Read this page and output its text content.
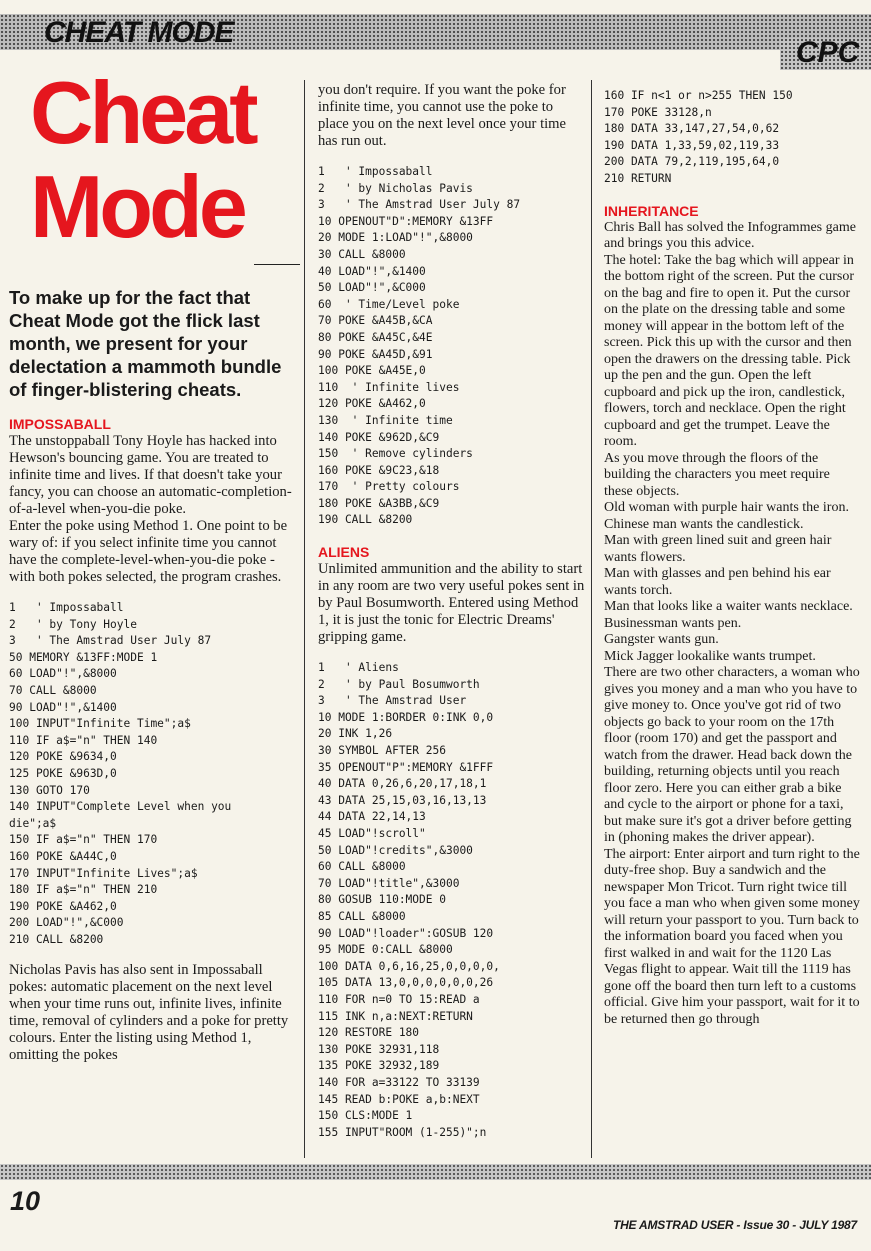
CHEAT MODE
CPC
Cheat Mode

To make up for the fact that Cheat Mode got the flick last month, we present for your delectation a mammoth bundle of finger-blistering cheats.

IMPOSSABALL

The unstoppaball Tony Hoyle has hacked into Hewson's bouncing game. You are treated to infinite time and lives. If that doesn't take your fancy, you can choose an automatic-completion-of-a-level when-you-die poke.

Enter the poke using Method 1. One point to be wary of: if you select infinite time you cannot have the complete-level-when-you-die poke - with both pokes selected, the program crashes.

1   ' Impossaball
2   ' by Tony Hoyle
3   ' The Amstrad User July 87
50 MEMORY &13FF:MODE 1
60 LOAD"!",&8000
70 CALL &8000
90 LOAD"!",&1400
100 INPUT"Infinite Time";a$
110 IF a$="n" THEN 140
120 POKE &9634,0
125 POKE &963D,0
130 GOTO 170
140 INPUT"Complete Level when you
die";a$
150 IF a$="n" THEN 170
160 POKE &A44C,0
170 INPUT"Infinite Lives";a$
180 IF a$="n" THEN 210
190 POKE &A462,0
200 LOAD"!",&C000
210 CALL &8200

Nicholas Pavis has also sent in Impossaball pokes: automatic placement on the next level when your time runs out, infinite lives, infinite time, removal of cylinders and a poke for pretty colours. Enter the listing using Method 1, omitting the pokes

you don't require. If you want the poke for infinite time, you cannot use the poke to place you on the next level once your time has run out.

1   ' Impossaball
2   ' by Nicholas Pavis
3   ' The Amstrad User July 87
10 OPENOUT"D":MEMORY &13FF
20 MODE 1:LOAD"!",&8000
30 CALL &8000
40 LOAD"!",&1400
50 LOAD"!",&C000
60  ' Time/Level poke
70 POKE &A45B,&CA
80 POKE &A45C,&4E
90 POKE &A45D,&91
100 POKE &A45E,0
110  ' Infinite lives
120 POKE &A462,0
130  ' Infinite time
140 POKE &962D,&C9
150  ' Remove cylinders
160 POKE &9C23,&18
170  ' Pretty colours
180 POKE &A3BB,&C9
190 CALL &8200

ALIENS

Unlimited ammunition and the ability to start in any room are two very useful pokes sent in by Paul Bosumworth. Entered using Method 1, it is just the tonic for Electric Dreams' gripping game.

1   ' Aliens
2   ' by Paul Bosumworth
3   ' The Amstrad User
10 MODE 1:BORDER 0:INK 0,0
20 INK 1,26
30 SYMBOL AFTER 256
35 OPENOUT"P":MEMORY &1FFF
40 DATA 0,26,6,20,17,18,1
43 DATA 25,15,03,16,13,13
44 DATA 22,14,13
45 LOAD"!scroll"
50 LOAD"!credits",&3000
60 CALL &8000
70 LOAD"!title",&3000
80 GOSUB 110:MODE 0
85 CALL &8000
90 LOAD"!loader":GOSUB 120
95 MODE 0:CALL &8000
100 DATA 0,6,16,25,0,0,0,0,
105 DATA 13,0,0,0,0,0,0,26
110 FOR n=0 TO 15:READ a
115 INK n,a:NEXT:RETURN
120 RESTORE 180
130 POKE 32931,118
135 POKE 32932,189
140 FOR a=33122 TO 33139
145 READ b:POKE a,b:NEXT
150 CLS:MODE 1
155 INPUT"ROOM (1-255)";n
160 IF n<1 or n>255 THEN 150
170 POKE 33128,n
180 DATA 33,147,27,54,0,62
190 DATA 1,33,59,02,119,33
200 DATA 79,2,119,195,64,0
210 RETURN

INHERITANCE

Chris Ball has solved the Infogrammes game and brings you this advice.

The hotel: Take the bag which will appear in the bottom right of the screen. Put the cursor on the bag and fire to open it. Put the cursor on the plate on the dressing table and some money will appear in the bottom left of the screen. Pick this up with the cursor and then open the drawers on the dressing table. Pick up the pen and the gun. Open the left cupboard and pick up the iron, candlestick, flowers, torch and necklace. Open the right cupboard and get the trumpet. Leave the room.

As you move through the floors of the building the characters you meet require these objects.

Old woman with purple hair wants the iron.

Chinese man wants the candlestick.

Man with green lined suit and green hair wants flowers.

Man with glasses and pen behind his ear wants torch.

Man that looks like a waiter wants necklace.

Businessman wants pen.

Gangster wants gun.

Mick Jagger lookalike wants trumpet.

There are two other characters, a woman who gives you money and a man who you have to give money to. Once you've got rid of two objects go back to your room on the 17th floor (room 170) and get the passport and watch from the drawer. Head back down the building, returning objects until you reach floor zero. Here you can either grab a bike and cycle to the airport or phone for a taxi, but make sure it's got a driver before getting in (phoning makes the driver appear).

The airport: Enter airport and turn right to the duty-free shop. Buy a sandwich and the newspaper Mon Tricot. Turn right twice till you face a man who when given some money will return your passport to you. Turn back to the information board you faced when you first walked in and wait for the 1120 Las Vegas flight to appear. Wait till the 1119 has gone off the board then turn left to a customs official. Give him your passport, wait for it to be returned then go through

10
THE AMSTRAD USER - Issue 30 - JULY 1987
